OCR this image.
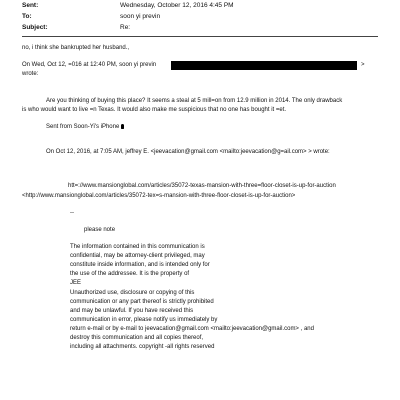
Sent:	Wednesday, October 12, 2016 4:45 PM
To:	soon yi previn
Subject:	Re:
no, i think she bankrupted her husband.,
On Wed, Oct 12, =016 at 12:40 PM, soon yi previn	>
wrote:
Are you thinking of buying this place? It seems a steal at 5 mill=on from 12.9 million in 2014. The only drawback
is who would want to live =n Texas. It would also make me suspicious that no one has bought it =et.
Sent from Soon-Yi's iPhone
On Oct 12, 2016, at 7:05 AM, jeffrey E. <jeevacation@gmail.com <mailto:jeevacation@g=ail.com> > wrote:
htt=://www.mansionglobal.com/articles/35072-texas-mansion-with-three=floor-closet-is-up-for-auction
<http://www.mansionglobal.com/articles/35072-tex=s-mansion-with-three-floor-closet-is-up-for-auction>
--
please note
The information contained in this communication is
confidential, may be attorney-client privileged, may
constitute inside information, and is intended only for
the use of the addressee. It is the property of
JEE
Unauthorized use, disclosure or copying of this
communication or any part thereof is strictly prohibited
and may be unlawful. If you have received this
communication in error, please notify us immediately by
return e-mail or by e-mail to jeevacation@gmail.com <mailto:jeevacation@gmail.com> , and
destroy this communication and all copies thereof,
including all attachments. copyright -all rights reserved
